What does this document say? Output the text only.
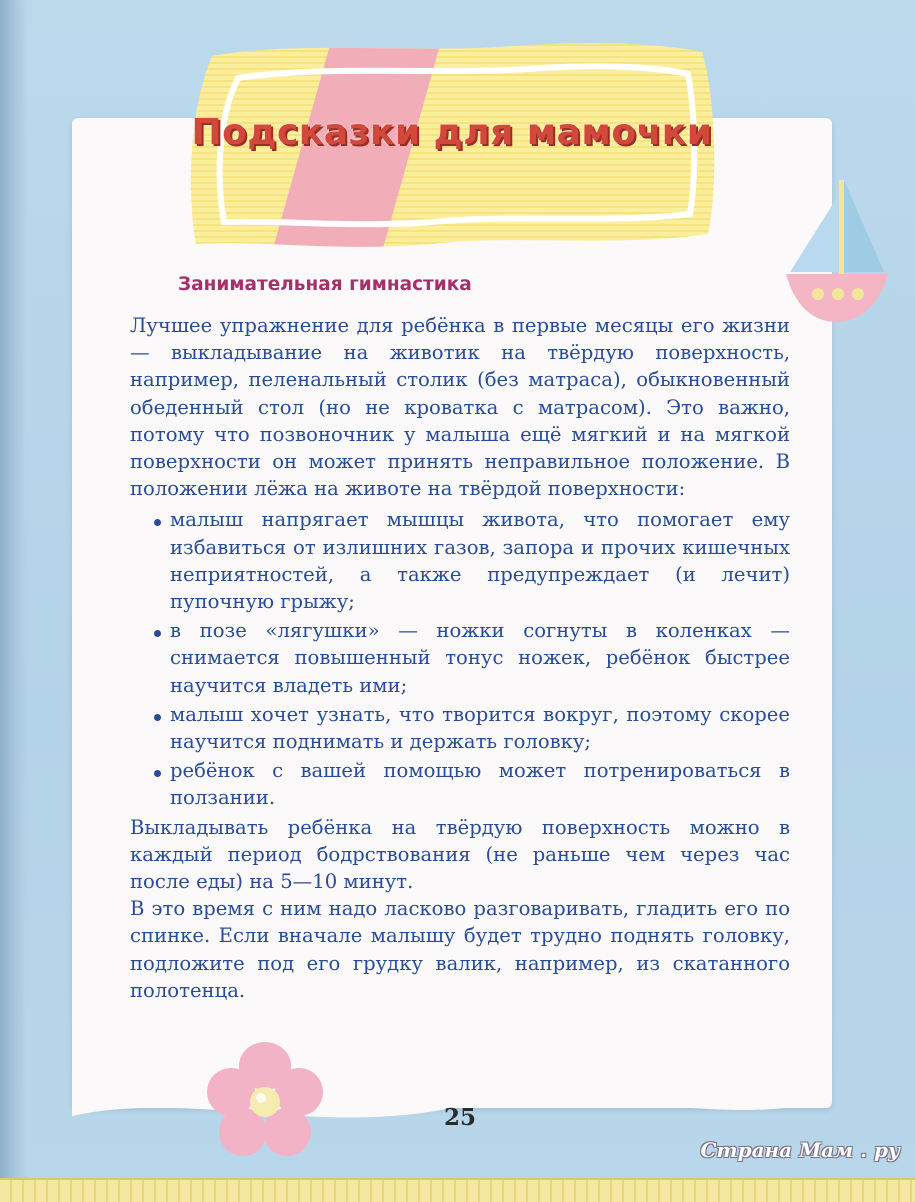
Подсказки для мамочки
Занимательная гимнастика

Лучшее упражнение для ребёнка в первые месяцы его жизни — выкладывание на животик на твёрдую поверхность, например, пеленальный столик (без матраса), обыкновенный обеденный стол (но не кроватка с матрасом). Это важно, потому что позвоночник у малыша ещё мягкий и на мягкой поверхности он может принять неправильное положение. В положении лёжа на животе на твёрдой поверхности:

малыш напрягает мышцы живота, что помогает ему избавиться от излишних газов, запора и прочих кишечных неприятностей, а также предупреждает (и лечит) пупочную грыжу;
в позе «лягушки» — ножки согнуты в коленках — снимается повышенный тонус ножек, ребёнок быстрее научится владеть ими;
малыш хочет узнать, что творится вокруг, поэтому скорее научится поднимать и держать головку;
ребёнок с вашей помощью может потренироваться в ползании.

Выкладывать ребёнка на твёрдую поверхность можно в каждый период бодрствования (не раньше чем через час после еды) на 5—10 минут.

В это время с ним надо ласково разговаривать, гладить его по спинке. Если вначале малышу будет трудно поднять головку, подложите под его грудку валик, например, из скатанного полотенца.

25
Страна Мам . ру
